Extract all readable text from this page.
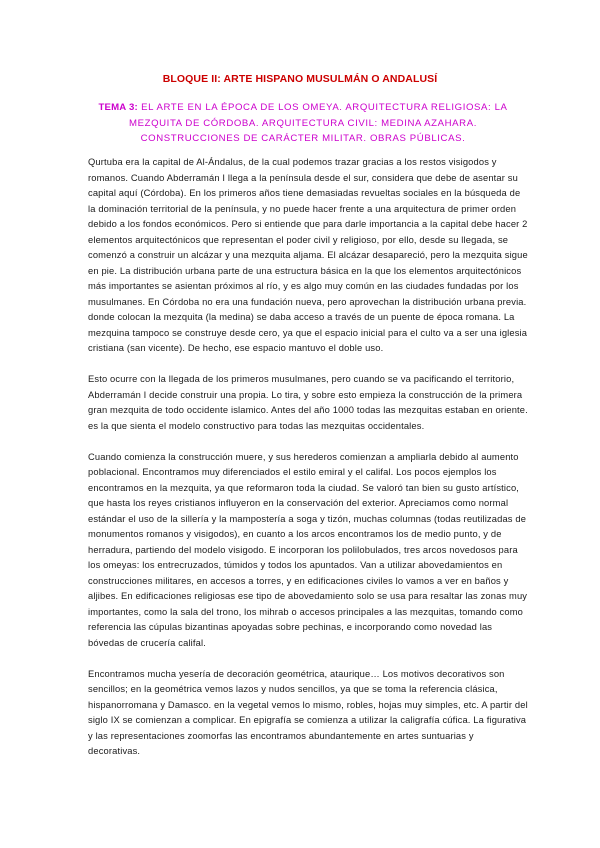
BLOQUE II: ARTE HISPANO MUSULMÁN O ANDALUSÍ
TEMA 3: EL ARTE EN LA ÉPOCA DE LOS OMEYA. ARQUITECTURA RELIGIOSA: LA MEZQUITA DE CÓRDOBA. ARQUITECTURA CIVIL: MEDINA AZAHARA. CONSTRUCCIONES DE CARÁCTER MILITAR. OBRAS PÚBLICAS.

Qurtuba era la capital de Al-Ándalus, de la cual podemos trazar gracias a los restos visigodos y romanos. Cuando Abderramán I llega a la península desde el sur, considera que debe de asentar su capital aquí (Córdoba). En los primeros años tiene demasiadas revueltas sociales en la búsqueda de la dominación territorial de la península, y no puede hacer frente a una arquitectura de primer orden debido a los fondos económicos. Pero si entiende que para darle importancia a la capital debe hacer 2 elementos arquitectónicos que representan el poder civil y religioso, por ello, desde su llegada, se comenzó a construir un alcázar y una mezquita aljama. El alcázar desapareció, pero la mezquita sigue en pie. La distribución urbana parte de una estructura básica en la que los elementos arquitectónicos más importantes se asientan próximos al río, y es algo muy común en las ciudades fundadas por los musulmanes. En Córdoba no era una fundación nueva, pero aprovechan la distribución urbana previa. donde colocan la mezquita (la medina) se daba acceso a través de un puente de época romana. La mezquina tampoco se construye desde cero, ya que el espacio inicial para el culto va a ser una iglesia cristiana (san vicente). De hecho, ese espacio mantuvo el doble uso.

Esto ocurre con la llegada de los primeros musulmanes, pero cuando se va pacificando el territorio, Abderramán I decide construir una propia. Lo tira, y sobre esto empieza la construcción de la primera gran mezquita de todo occidente islamico. Antes del año 1000 todas las mezquitas estaban en oriente. es la que sienta el modelo constructivo para todas las mezquitas occidentales.

Cuando comienza la construcción muere, y sus herederos comienzan a ampliarla debido al aumento poblacional. Encontramos muy diferenciados el estilo emiral y el califal. Los pocos ejemplos los encontramos en la mezquita, ya que reformaron toda la ciudad. Se valoró tan bien su gusto artístico, que hasta los reyes cristianos influyeron en la conservación del exterior. Apreciamos como normal estándar el uso de la sillería y la mampostería a soga y tizón, muchas columnas (todas reutilizadas de monumentos romanos y visigodos), en cuanto a los arcos encontramos los de medio punto, y de herradura, partiendo del modelo visigodo. E incorporan los polilobulados, tres arcos novedosos para los omeyas: los entrecruzados, túmidos y todos los apuntados. Van a utilizar abovedamientos en construcciones militares, en accesos a torres, y en edificaciones civiles lo vamos a ver en baños y aljibes. En edificaciones religiosas ese tipo de abovedamiento solo se usa para resaltar las zonas muy importantes, como la sala del trono, los mihrab o accesos principales a las mezquitas, tomando como referencia las cúpulas bizantinas apoyadas sobre pechinas, e incorporando como novedad las bóvedas de crucería califal.

Encontramos mucha yesería de decoración geométrica, ataurique… Los motivos decorativos son sencillos; en la geométrica vemos lazos y nudos sencillos, ya que se toma la referencia clásica, hispanorromana y Damasco. en la vegetal vemos lo mismo, robles, hojas muy simples, etc. A partir del siglo IX se comienzan a complicar. En epigrafía se comienza a utilizar la caligrafía cúfica. La figurativa y las representaciones zoomorfas las encontramos abundantemente en artes suntuarias y decorativas.
